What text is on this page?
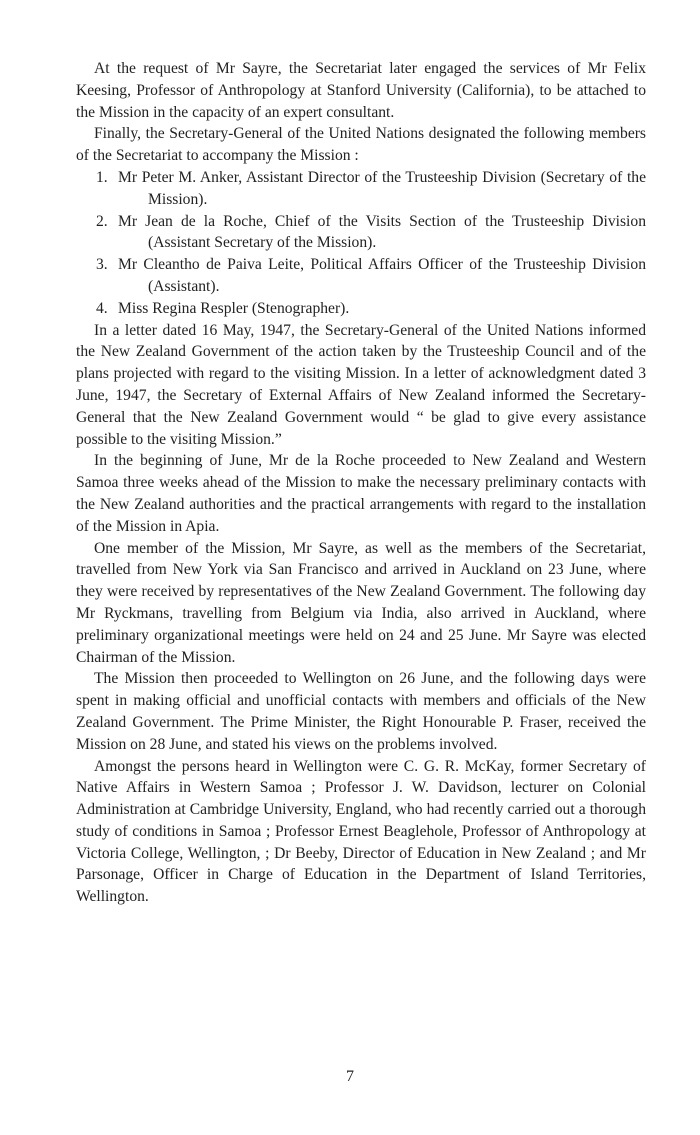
At the request of Mr Sayre, the Secretariat later engaged the services of Mr Felix Keesing, Professor of Anthropology at Stanford University (California), to be attached to the Mission in the capacity of an expert consultant.

Finally, the Secretary-General of the United Nations designated the following members of the Secretariat to accompany the Mission :

1. Mr Peter M. Anker, Assistant Director of the Trusteeship Division (Secretary of the Mission).
2. Mr Jean de la Roche, Chief of the Visits Section of the Trusteeship Division (Assistant Secretary of the Mission).
3. Mr Cleantho de Paiva Leite, Political Affairs Officer of the Trusteeship Division (Assistant).
4. Miss Regina Respler (Stenographer).

In a letter dated 16 May, 1947, the Secretary-General of the United Nations informed the New Zealand Government of the action taken by the Trusteeship Council and of the plans projected with regard to the visiting Mission. In a letter of acknowledgment dated 3 June, 1947, the Secretary of External Affairs of New Zealand informed the Secretary-General that the New Zealand Government would “ be glad to give every assistance possible to the visiting Mission.”

In the beginning of June, Mr de la Roche proceeded to New Zealand and Western Samoa three weeks ahead of the Mission to make the necessary preliminary contacts with the New Zealand authorities and the practical arrangements with regard to the installation of the Mission in Apia.

One member of the Mission, Mr Sayre, as well as the members of the Secretariat, travelled from New York via San Francisco and arrived in Auckland on 23 June, where they were received by representatives of the New Zealand Government. The following day Mr Ryckmans, travelling from Belgium via India, also arrived in Auckland, where preliminary organizational meetings were held on 24 and 25 June. Mr Sayre was elected Chairman of the Mission.

The Mission then proceeded to Wellington on 26 June, and the following days were spent in making official and unofficial contacts with members and officials of the New Zealand Government. The Prime Minister, the Right Honourable P. Fraser, received the Mission on 28 June, and stated his views on the problems involved.

Amongst the persons heard in Wellington were C. G. R. McKay, former Secretary of Native Affairs in Western Samoa ; Professor J. W. Davidson, lecturer on Colonial Administration at Cambridge University, England, who had recently carried out a thorough study of conditions in Samoa ; Professor Ernest Beaglehole, Professor of Anthropology at Victoria College, Wellington, ; Dr Beeby, Director of Education in New Zealand ; and Mr Parsonage, Officer in Charge of Education in the Department of Island Territories, Wellington.

7
